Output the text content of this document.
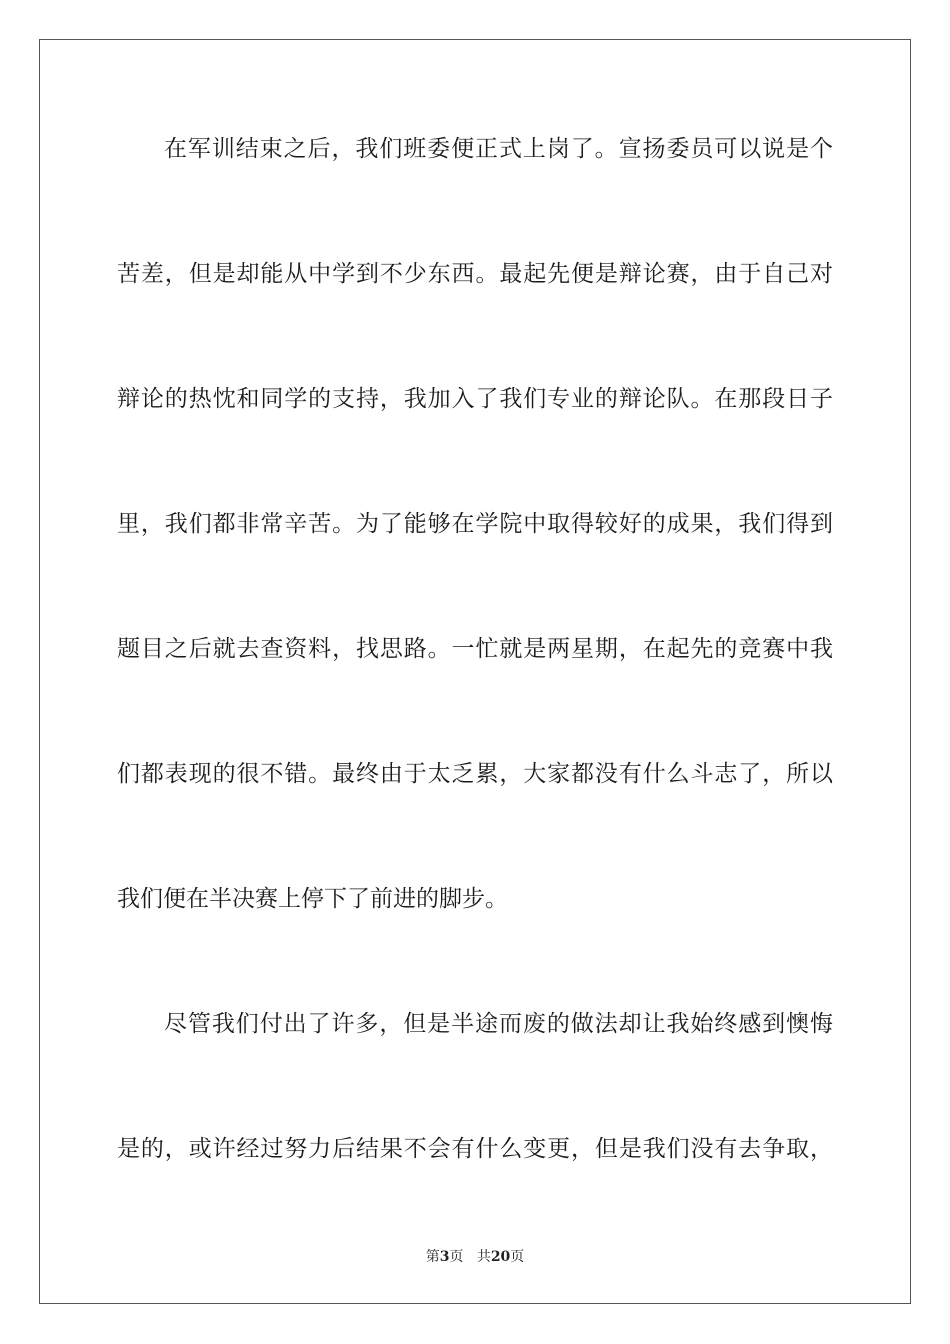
在军训结束之后，我们班委便正式上岗了。宣扬委员可以说是个
苦差，但是却能从中学到不少东西。最起先便是辩论赛，由于自己对
辩论的热忱和同学的支持，我加入了我们专业的辩论队。在那段日子
里，我们都非常辛苦。为了能够在学院中取得较好的成果，我们得到
题目之后就去查资料，找思路。一忙就是两星期，在起先的竞赛中我
们都表现的很不错。最终由于太乏累，大家都没有什么斗志了，所以
我们便在半决赛上停下了前进的脚步。
尽管我们付出了许多，但是半途而废的做法却让我始终感到懊悔
是的，或许经过努力后结果不会有什么变更，但是我们没有去争取，
第3页 共20页
